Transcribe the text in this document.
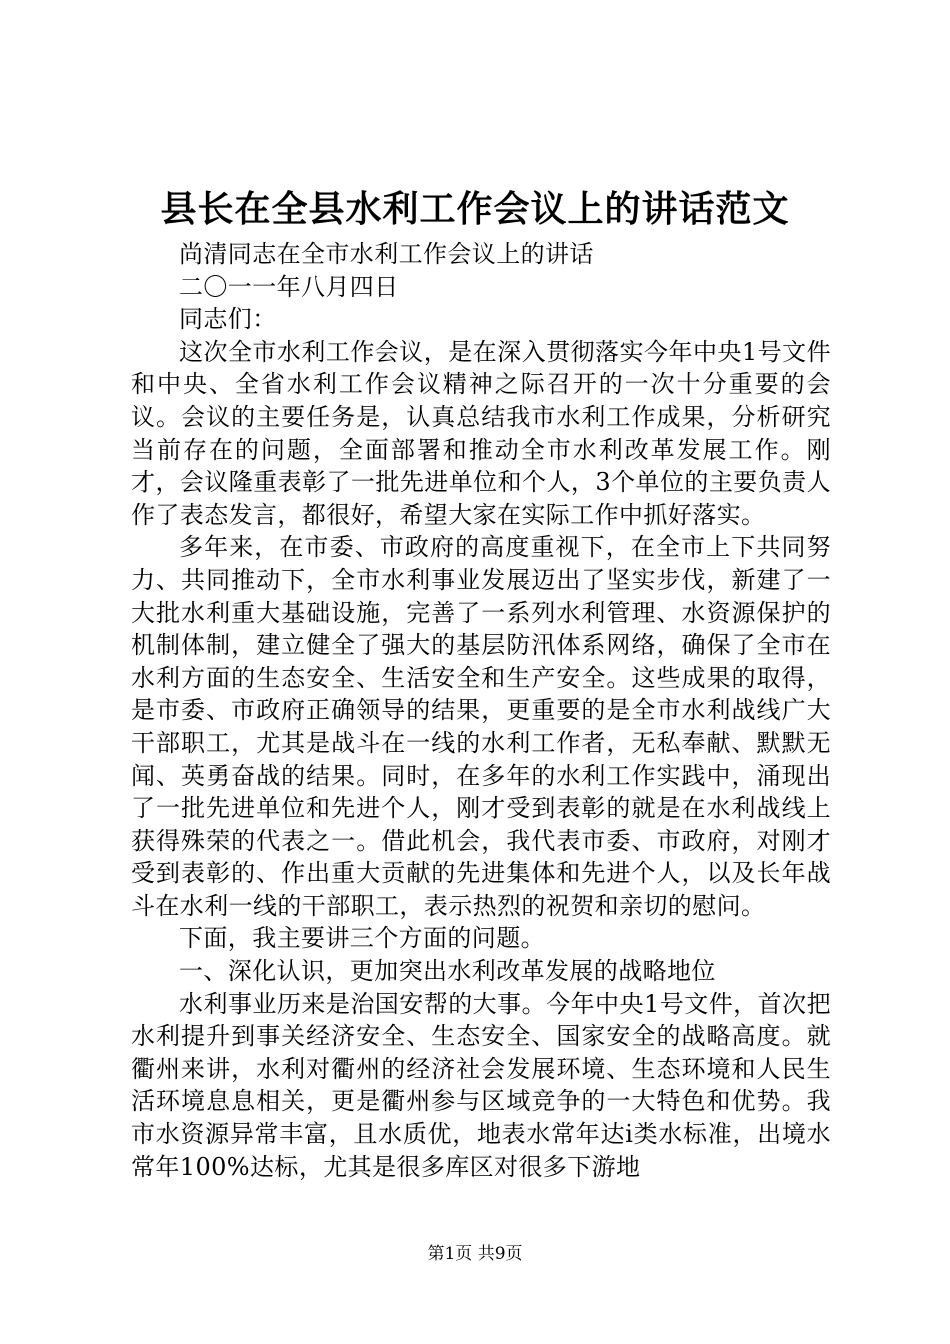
县长在全县水利工作会议上的讲话范文

尚清同志在全市水利工作会议上的讲话

二〇一一年八月四日

同志们：

这次全市水利工作会议，是在深入贯彻落实今年中央1号文件和中央、全省水利工作会议精神之际召开的一次十分重要的会议。会议的主要任务是，认真总结我市水利工作成果，分析研究当前存在的问题，全面部署和推动全市水利改革发展工作。刚才，会议隆重表彰了一批先进单位和个人，3个单位的主要负责人作了表态发言，都很好，希望大家在实际工作中抓好落实。

多年来，在市委、市政府的高度重视下，在全市上下共同努力、共同推动下，全市水利事业发展迈出了坚实步伐，新建了一大批水利重大基础设施，完善了一系列水利管理、水资源保护的机制体制，建立健全了强大的基层防汛体系网络，确保了全市在水利方面的生态安全、生活安全和生产安全。这些成果的取得，是市委、市政府正确领导的结果，更重要的是全市水利战线广大干部职工，尤其是战斗在一线的水利工作者，无私奉献、默默无闻、英勇奋战的结果。同时，在多年的水利工作实践中，涌现出了一批先进单位和先进个人，刚才受到表彰的就是在水利战线上获得殊荣的代表之一。借此机会，我代表市委、市政府，对刚才受到表彰的、作出重大贡献的先进集体和先进个人，以及长年战斗在水利一线的干部职工，表示热烈的祝贺和亲切的慰问。

下面，我主要讲三个方面的问题。

一、深化认识，更加突出水利改革发展的战略地位

水利事业历来是治国安帮的大事。今年中央1号文件，首次把水利提升到事关经济安全、生态安全、国家安全的战略高度。就衢州来讲，水利对衢州的经济社会发展环境、生态环境和人民生活环境息息相关，更是衢州参与区域竞争的一大特色和优势。我市水资源异常丰富，且水质优，地表水常年达ⅰ类水标准，出境水常年100%达标，尤其是很多库区对很多下游地

第1页 共9页
